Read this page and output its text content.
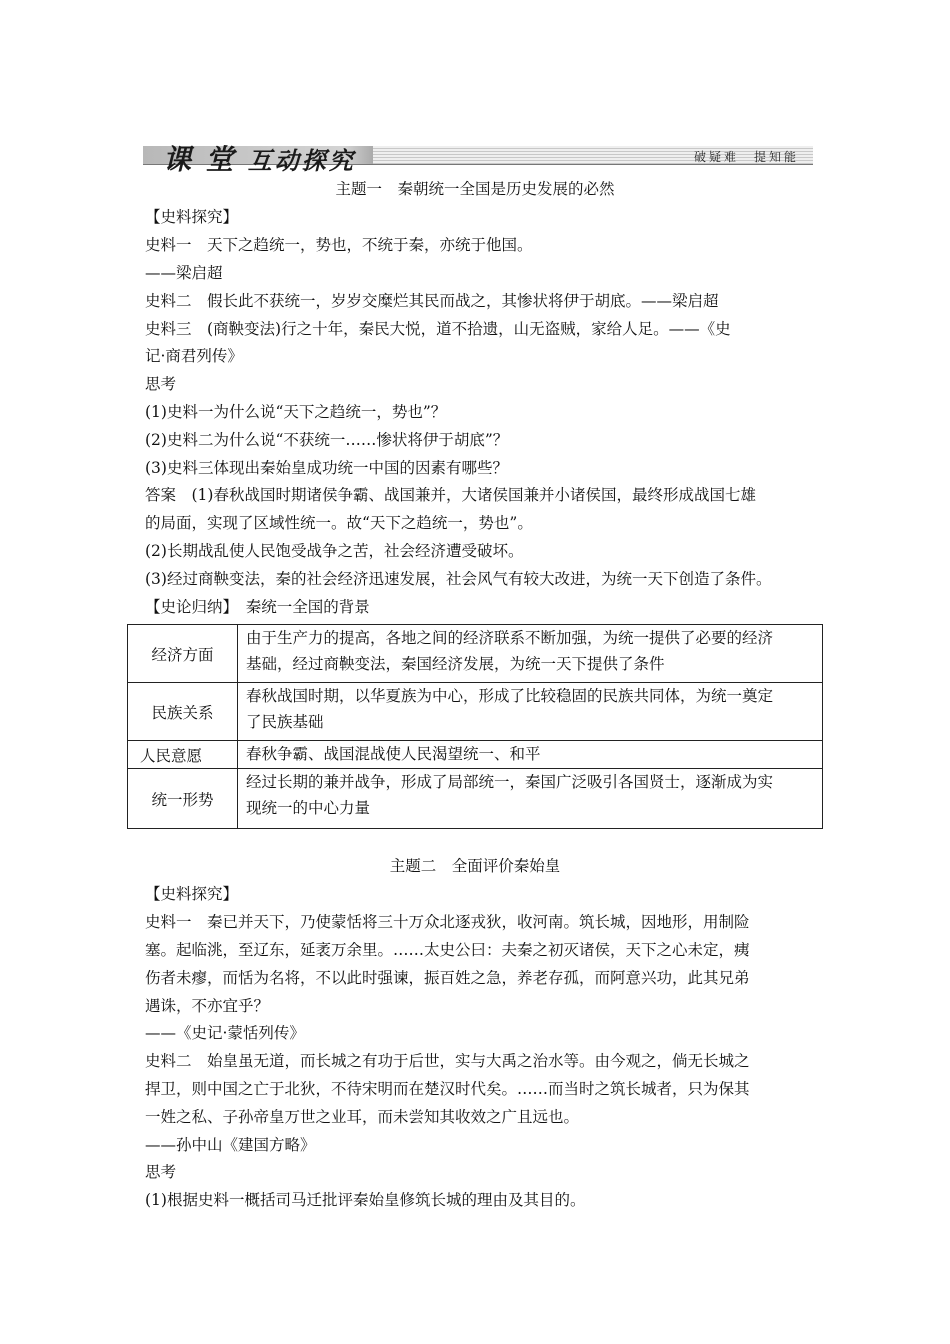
课 堂 互动探究	破疑难　提知能
主题一　秦朝统一全国是历史发展的必然
【史料探究】
史料一　天下之趋统一，势也，不统于秦，亦统于他国。
——梁启超
史料二　假长此不获统一，岁岁交糜烂其民而战之，其惨状将伊于胡底。——梁启超
史料三　(商鞅变法)行之十年，秦民大悦，道不拾遗，山无盗贼，家给人足。——《史
记·商君列传》
思考
(1)史料一为什么说“天下之趋统一，势也”？
(2)史料二为什么说“不获统一……惨状将伊于胡底”？
(3)史料三体现出秦始皇成功统一中国的因素有哪些？
答案　(1)春秋战国时期诸侯争霸、战国兼并，大诸侯国兼并小诸侯国，最终形成战国七雄
的局面，实现了区域性统一。故“天下之趋统一，势也”。
(2)长期战乱使人民饱受战争之苦，社会经济遭受破坏。
(3)经过商鞅变法，秦的社会经济迅速发展，社会风气有较大改进，为统一天下创造了条件。
【史论归纳】　秦统一全国的背景
经济方面	由于生产力的提高，各地之间的经济联系不断加强，为统一提供了必要的经济
基础，经过商鞅变法，秦国经济发展，为统一天下提供了条件

民族关系	春秋战国时期，以华夏族为中心，形成了比较稳固的民族共同体，为统一奠定
了民族基础

人民意愿	春秋争霸、战国混战使人民渴望统一、和平

统一形势	经过长期的兼并战争，形成了局部统一，秦国广泛吸引各国贤士，逐渐成为实
现统一的中心力量
主题二　全面评价秦始皇
【史料探究】
史料一　秦已并天下，乃使蒙恬将三十万众北逐戎狄，收河南。筑长城，因地形，用制险
塞。起临洮，至辽东，延袤万余里。……太史公曰：夫秦之初灭诸侯，天下之心未定，痍
伤者未瘳，而恬为名将，不以此时强谏，振百姓之急，养老存孤，而阿意兴功，此其兄弟
遇诛，不亦宜乎？
——《史记·蒙恬列传》
史料二　始皇虽无道，而长城之有功于后世，实与大禹之治水等。由今观之，倘无长城之
捍卫，则中国之亡于北狄，不待宋明而在楚汉时代矣。……而当时之筑长城者，只为保其
一姓之私、子孙帝皇万世之业耳，而未尝知其收效之广且远也。
——孙中山《建国方略》
思考
(1)根据史料一概括司马迁批评秦始皇修筑长城的理由及其目的。
